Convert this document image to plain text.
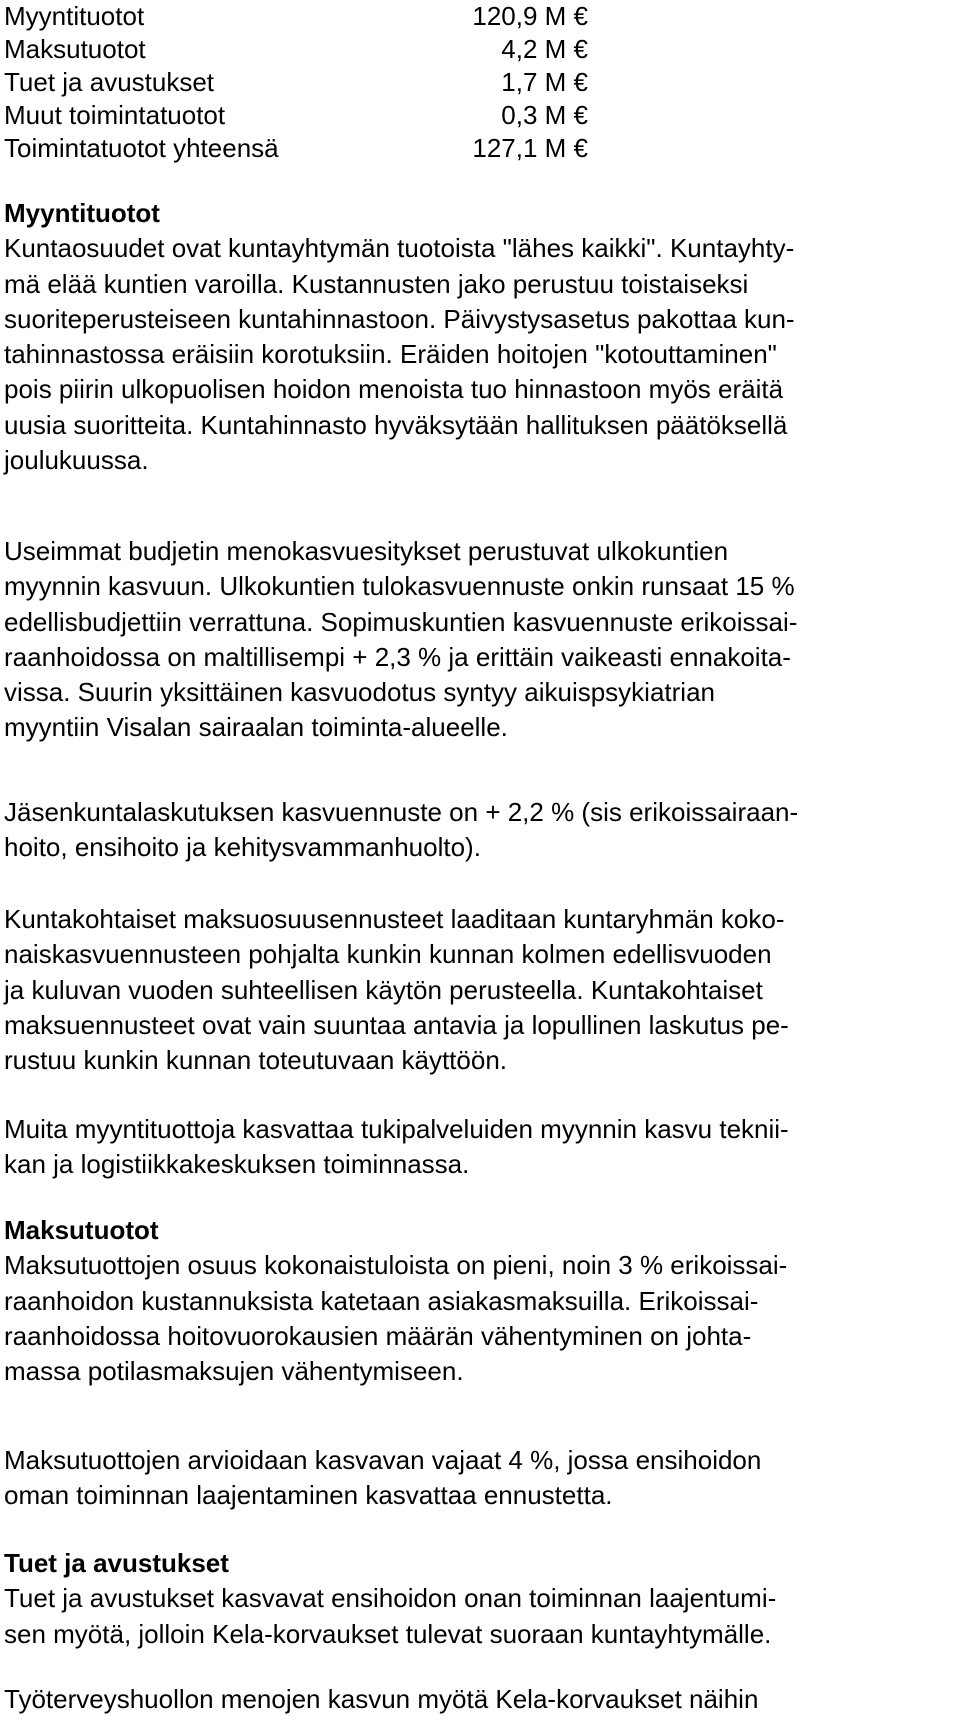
Myyntituotot	120,9 M €
Maksutuotot	4,2 M €
Tuet ja avustukset	1,7 M €
Muut toimintatuotot	0,3 M €
Toimintatuotot yhteensä	127,1 M €
Myyntituotot
Kuntaosuudet ovat kuntayhtymän tuotoista "lähes kaikki". Kuntayhty-
mä elää kuntien varoilla. Kustannusten jako perustuu toistaiseksi
suoriteperusteiseen kuntahinnastoon. Päivystysasetus pakottaa kun-
tahinnastossa eräisiin korotuksiin. Eräiden hoitojen "kotouttaminen"
pois piirin ulkopuolisen hoidon menoista tuo hinnastoon myös eräitä
uusia suoritteita. Kuntahinnasto hyväksytään hallituksen päätöksellä
joulukuussa.
Useimmat budjetin menokasvuesitykset perustuvat ulkokuntien
myynnin kasvuun. Ulkokuntien tulokasvuennuste onkin runsaat 15 %
edellisbudjettiin verrattuna. Sopimuskuntien kasvuennuste erikoissai-
raanhoidossa on maltillisempi + 2,3 % ja erittäin vaikeasti ennakoita-
vissa. Suurin yksittäinen kasvuodotus syntyy aikuispsykiatrian
myyntiin Visalan sairaalan toiminta-alueelle.
Jäsenkuntalaskutuksen kasvuennuste on + 2,2 % (sis erikoissairaan-
hoito, ensihoito ja kehitysvammanhuolto).
Kuntakohtaiset maksuosuusennusteet laaditaan kuntaryhmän koko-
naiskasvuennusteen pohjalta kunkin kunnan kolmen edellisvuoden
ja kuluvan vuoden suhteellisen käytön perusteella. Kuntakohtaiset
maksuennusteet ovat vain suuntaa antavia ja lopullinen laskutus pe-
rustuu kunkin kunnan toteutuvaan käyttöön.
Muita myyntituottoja kasvattaa tukipalveluiden myynnin kasvu teknii-
kan ja logistiikkakeskuksen toiminnassa.
Maksutuotot
Maksutuottojen osuus kokonaistuloista on pieni, noin 3 % erikoissai-
raanhoidon kustannuksista katetaan asiakasmaksuilla. Erikoissai-
raanhoidossa hoitovuorokausien määrän vähentyminen on johta-
massa potilasmaksujen vähentymiseen.
Maksutuottojen arvioidaan kasvavan vajaat 4 %, jossa ensihoidon
oman toiminnan laajentaminen kasvattaa ennustetta.
Tuet ja avustukset
Tuet ja avustukset kasvavat ensihoidon onan toiminnan laajentumi-
sen myötä, jolloin Kela-korvaukset tulevat suoraan kuntayhtymälle.
Työterveyshuollon menojen kasvun myötä Kela-korvaukset näihin
